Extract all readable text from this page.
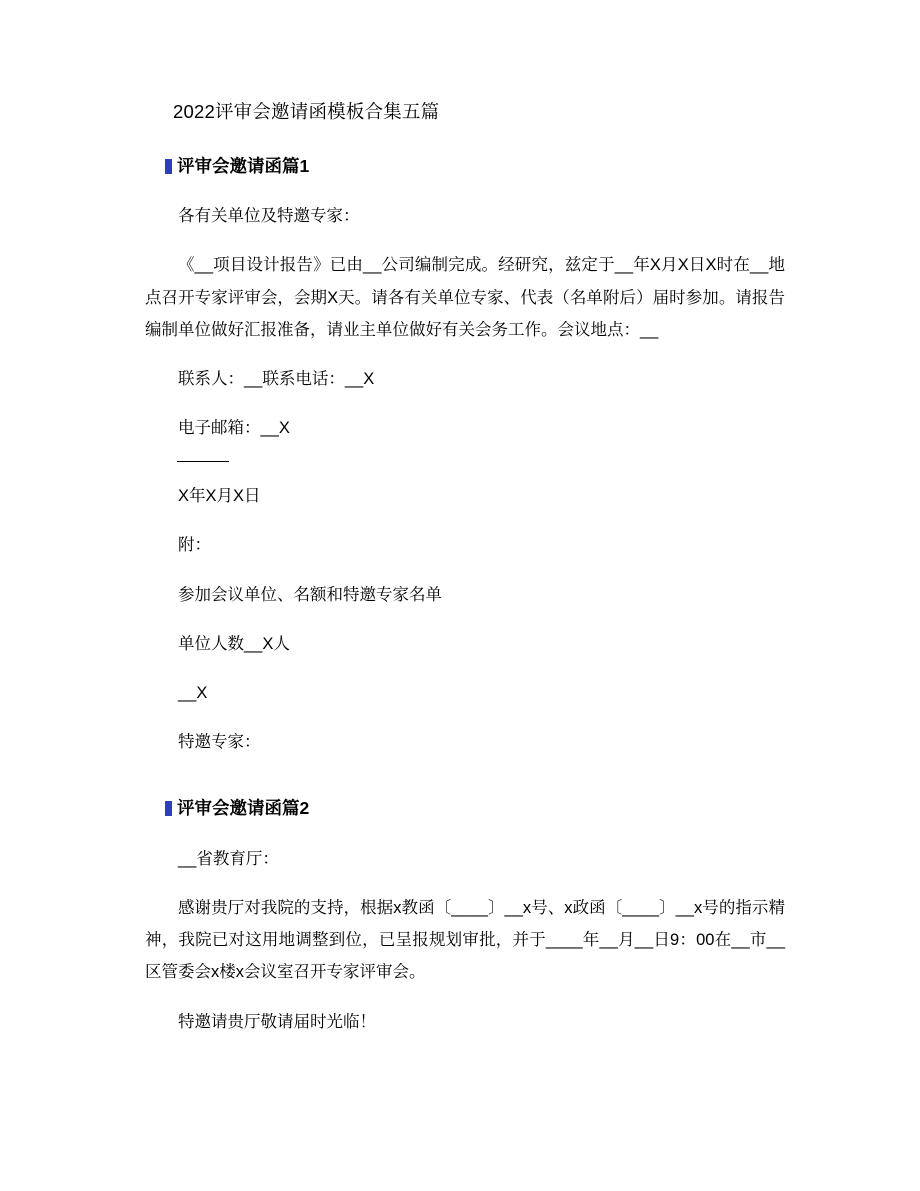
2022评审会邀请函模板合集五篇
评审会邀请函篇1

各有关单位及特邀专家：

《__项目设计报告》已由__公司编制完成。经研究，兹定于__年X月X日X时在__地点召开专家评审会，会期X天。请各有关单位专家、代表（名单附后）届时参加。请报告编制单位做好汇报准备，请业主单位做好有关会务工作。会议地点：__

联系人：__联系电话：__X

电子邮箱：__X

X年X月X日

附：

参加会议单位、名额和特邀专家名单

单位人数__X人

__X

特邀专家：

评审会邀请函篇2

__省教育厅：

感谢贵厅对我院的支持，根据x教函〔____〕__x号、x政函〔____〕__x号的指示精神，我院已对这用地调整到位，已呈报规划审批，并于____年__月__日9：00在__市__区管委会x楼x会议室召开专家评审会。

特邀请贵厅敬请届时光临！
